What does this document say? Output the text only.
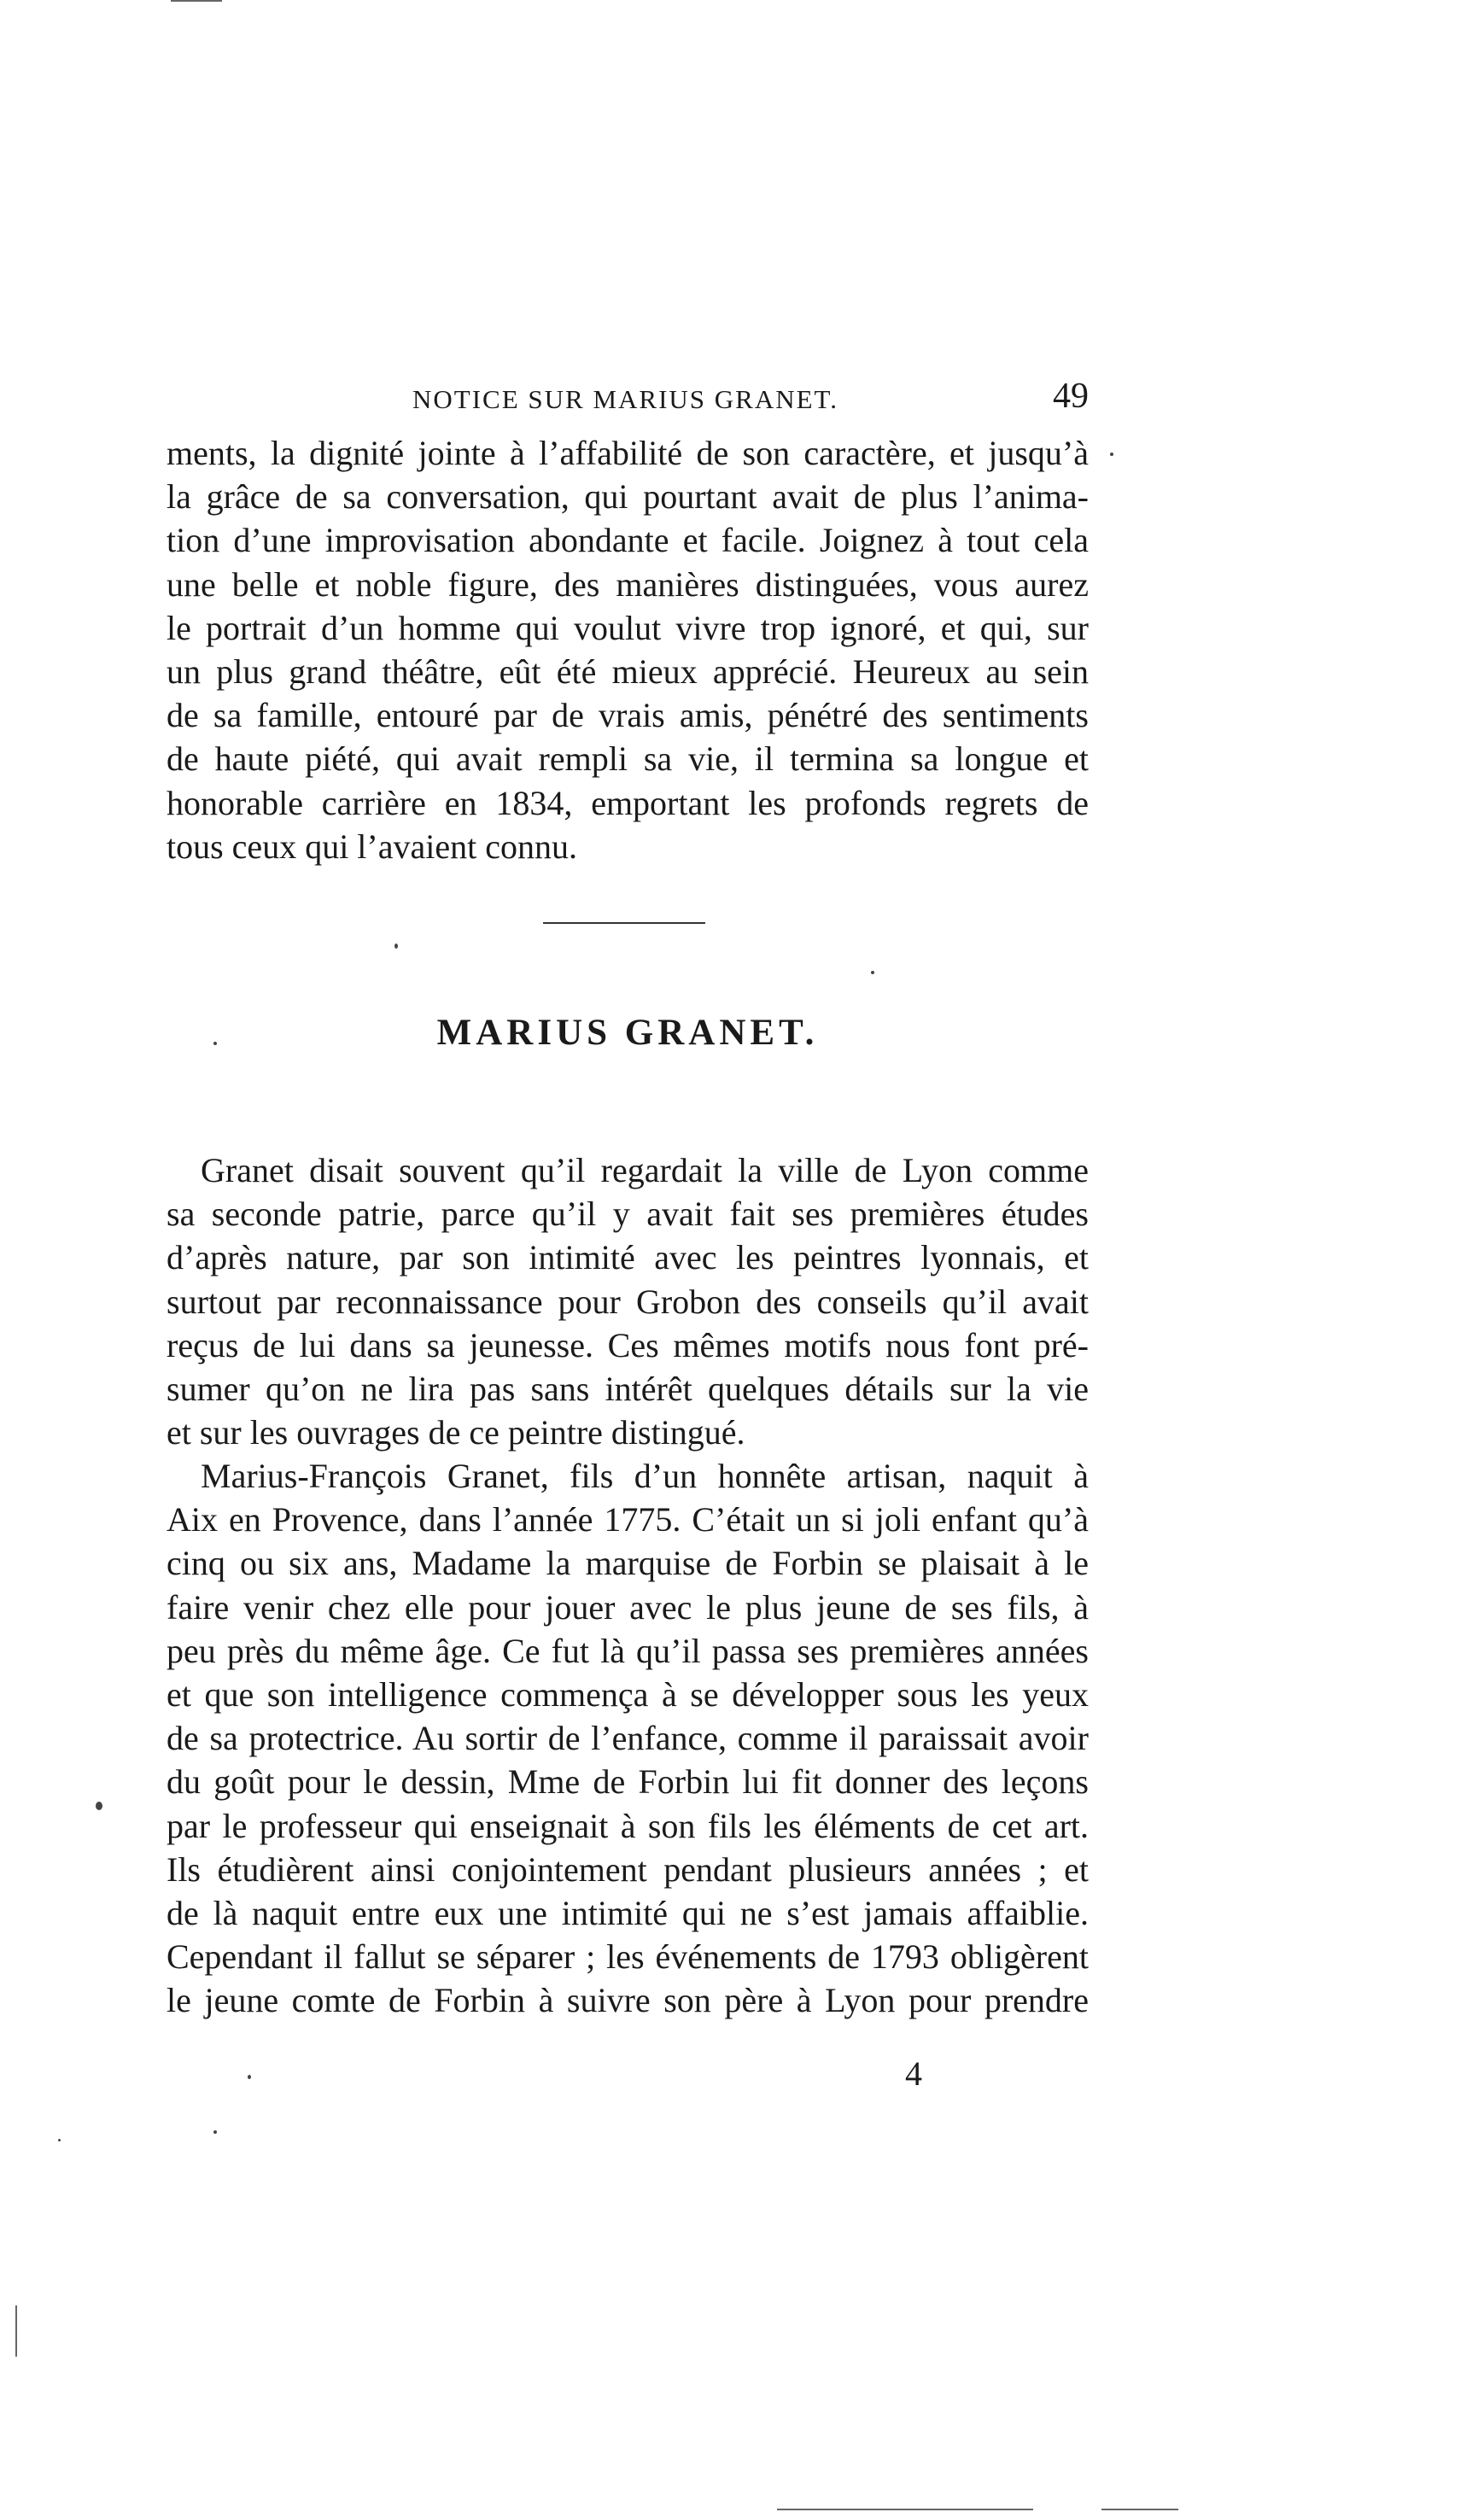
NOTICE SUR MARIUS GRANET.	49
ments, la dignité jointe à l’affabilité de son caractère, et jusqu’à
la grâce de sa conversation, qui pourtant avait de plus l’anima-
tion d’une improvisation abondante et facile. Joignez à tout cela
une belle et noble figure, des manières distinguées, vous aurez
le portrait d’un homme qui voulut vivre trop ignoré, et qui, sur
un plus grand théâtre, eût été mieux apprécié. Heureux au sein
de sa famille, entouré par de vrais amis, pénétré des sentiments
de haute piété, qui avait rempli sa vie, il termina sa longue et
honorable carrière en 1834, emportant les profonds regrets de
tous ceux qui l’avaient connu.
MARIUS GRANET.
Granet disait souvent qu’il regardait la ville de Lyon comme
sa seconde patrie, parce qu’il y avait fait ses premières études
d’après nature, par son intimité avec les peintres lyonnais, et
surtout par reconnaissance pour Grobon des conseils qu’il avait
reçus de lui dans sa jeunesse. Ces mêmes motifs nous font pré-
sumer qu’on ne lira pas sans intérêt quelques détails sur la vie
et sur les ouvrages de ce peintre distingué.
Marius-François Granet, fils d’un honnête artisan, naquit à
Aix en Provence, dans l’année 1775. C’était un si joli enfant qu’à
cinq ou six ans, Madame la marquise de Forbin se plaisait à le
faire venir chez elle pour jouer avec le plus jeune de ses fils, à
peu près du même âge. Ce fut là qu’il passa ses premières années
et que son intelligence commença à se développer sous les yeux
de sa protectrice. Au sortir de l’enfance, comme il paraissait avoir
du goût pour le dessin, Mme de Forbin lui fit donner des leçons
par le professeur qui enseignait à son fils les éléments de cet art.
Ils étudièrent ainsi conjointement pendant plusieurs années ; et
de là naquit entre eux une intimité qui ne s’est jamais affaiblie.
Cependant il fallut se séparer ; les événements de 1793 obligèrent
le jeune comte de Forbin à suivre son père à Lyon pour prendre
4
